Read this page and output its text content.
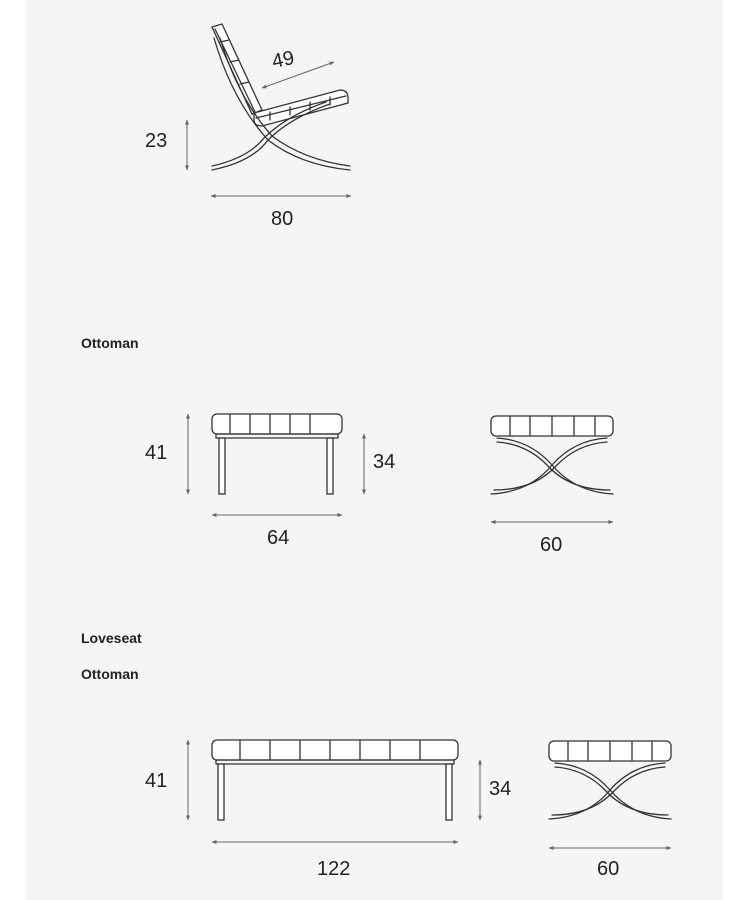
49
23
80
Ottoman
41	34
64	60
Loveseat
Ottoman
41	34
122	60
